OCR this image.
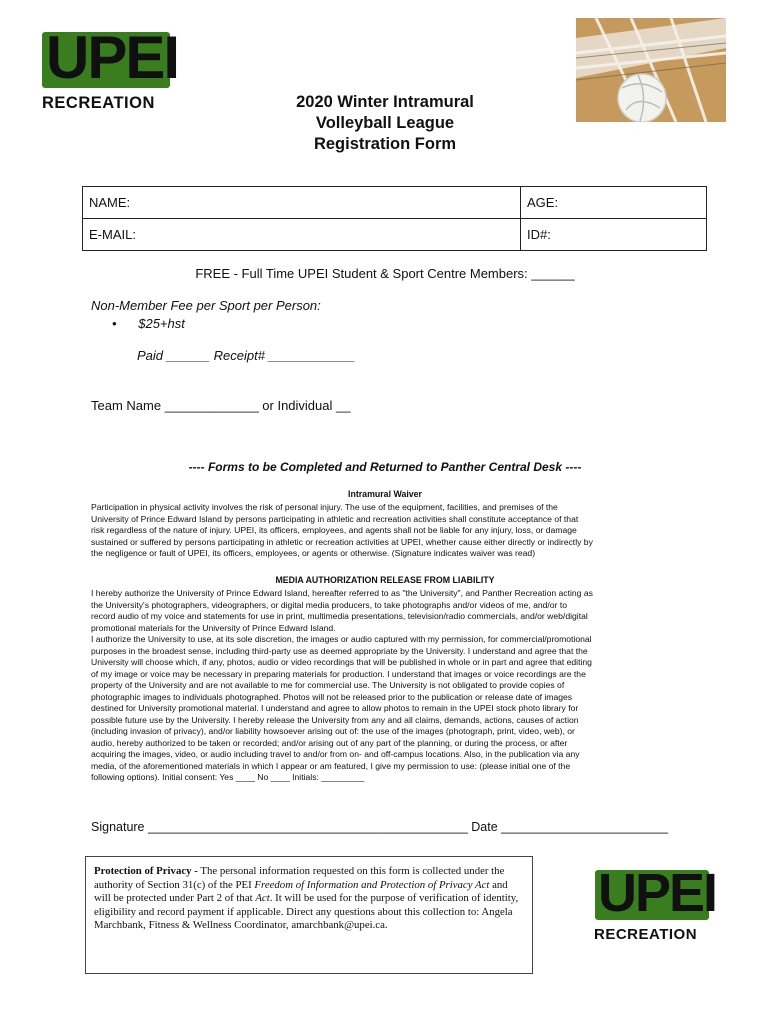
UPEI
RECREATION	2020 Winter Intramural
Volleyball League
Registration Form
NAME:	AGE:
E-MAIL:	ID#:
FREE - Full Time UPEI Student & Sport Centre Members: ______
Non-Member Fee per Sport per Person:
•      $25+hst
Paid ______ Receipt# ____________
Team Name _____________ or Individual __
---- Forms to be Completed and Returned to Panther Central Desk ----
Intramural Waiver
Participation in physical activity involves the risk of personal injury. The use of the equipment, facilities, and premises of the
University of Prince Edward Island by persons participating in athletic and recreation activities shall constitute acceptance of that
risk regardless of the nature of injury. UPEI, its officers, employees, and agents shall not be liable for any injury, loss, or damage
sustained or suffered by persons participating in athletic or recreation activities at UPEI, whether cause either directly or indirectly by
the negligence or fault of UPEI, its officers, employees, or agents or otherwise. (Signature indicates waiver was read)
MEDIA AUTHORIZATION RELEASE FROM LIABILITY
I hereby authorize the University of Prince Edward Island, hereafter referred to as "the University", and Panther Recreation acting as
the University's photographers, videographers, or digital media producers, to take photographs and/or videos of me, and/or to
record audio of my voice and statements for use in print, multimedia presentations, television/radio commercials, and/or web/digital
promotional materials for the University of Prince Edward Island.
I authorize the University to use, at its sole discretion, the images or audio captured with my permission, for commercial/promotional
purposes in the broadest sense, including third-party use as deemed appropriate by the University. I understand and agree that the
University will choose which, if any, photos, audio or video recordings that will be published in whole or in part and agree that editing
of my image or voice may be necessary in preparing materials for production. I understand that images or voice recordings are the
property of the University and are not available to me for commercial use. The University is not obligated to provide copies of
photographic images to individuals photographed. Photos will not be released prior to the publication or release date of images
destined for University promotional material. I understand and agree to allow photos to remain in the UPEI stock photo library for
possible future use by the University. I hereby release the University from any and all claims, demands, actions, causes of action
(including invasion of privacy), and/or liability howsoever arising out of: the use of the images (photograph, print, video, web), or
audio, hereby authorized to be taken or recorded; and/or arising out of any part of the planning, or during the process, or after
acquiring the images, video, or audio including travel to and/or from on- and off-campus locations. Also, in the publication via any
media, of the aforementioned materials in which I appear or am featured, I give my permission to use: (please initial one of the
following options). Initial consent: Yes ____ No ____ Initials: _________
Signature ______________________________________________ Date ________________________
Protection of Privacy - The personal information requested on this form is collected under the authority of Section 31(c) of the PEI Freedom of Information and Protection of Privacy Act and will be protected under Part 2 of that Act. It will be used for the purpose of verification of identity, eligibility and record payment if applicable. Direct any questions about this collection to: Angela Marchbank, Fitness & Wellness Coordinator, amarchbank@upei.ca.
UPEI
RECREATION
